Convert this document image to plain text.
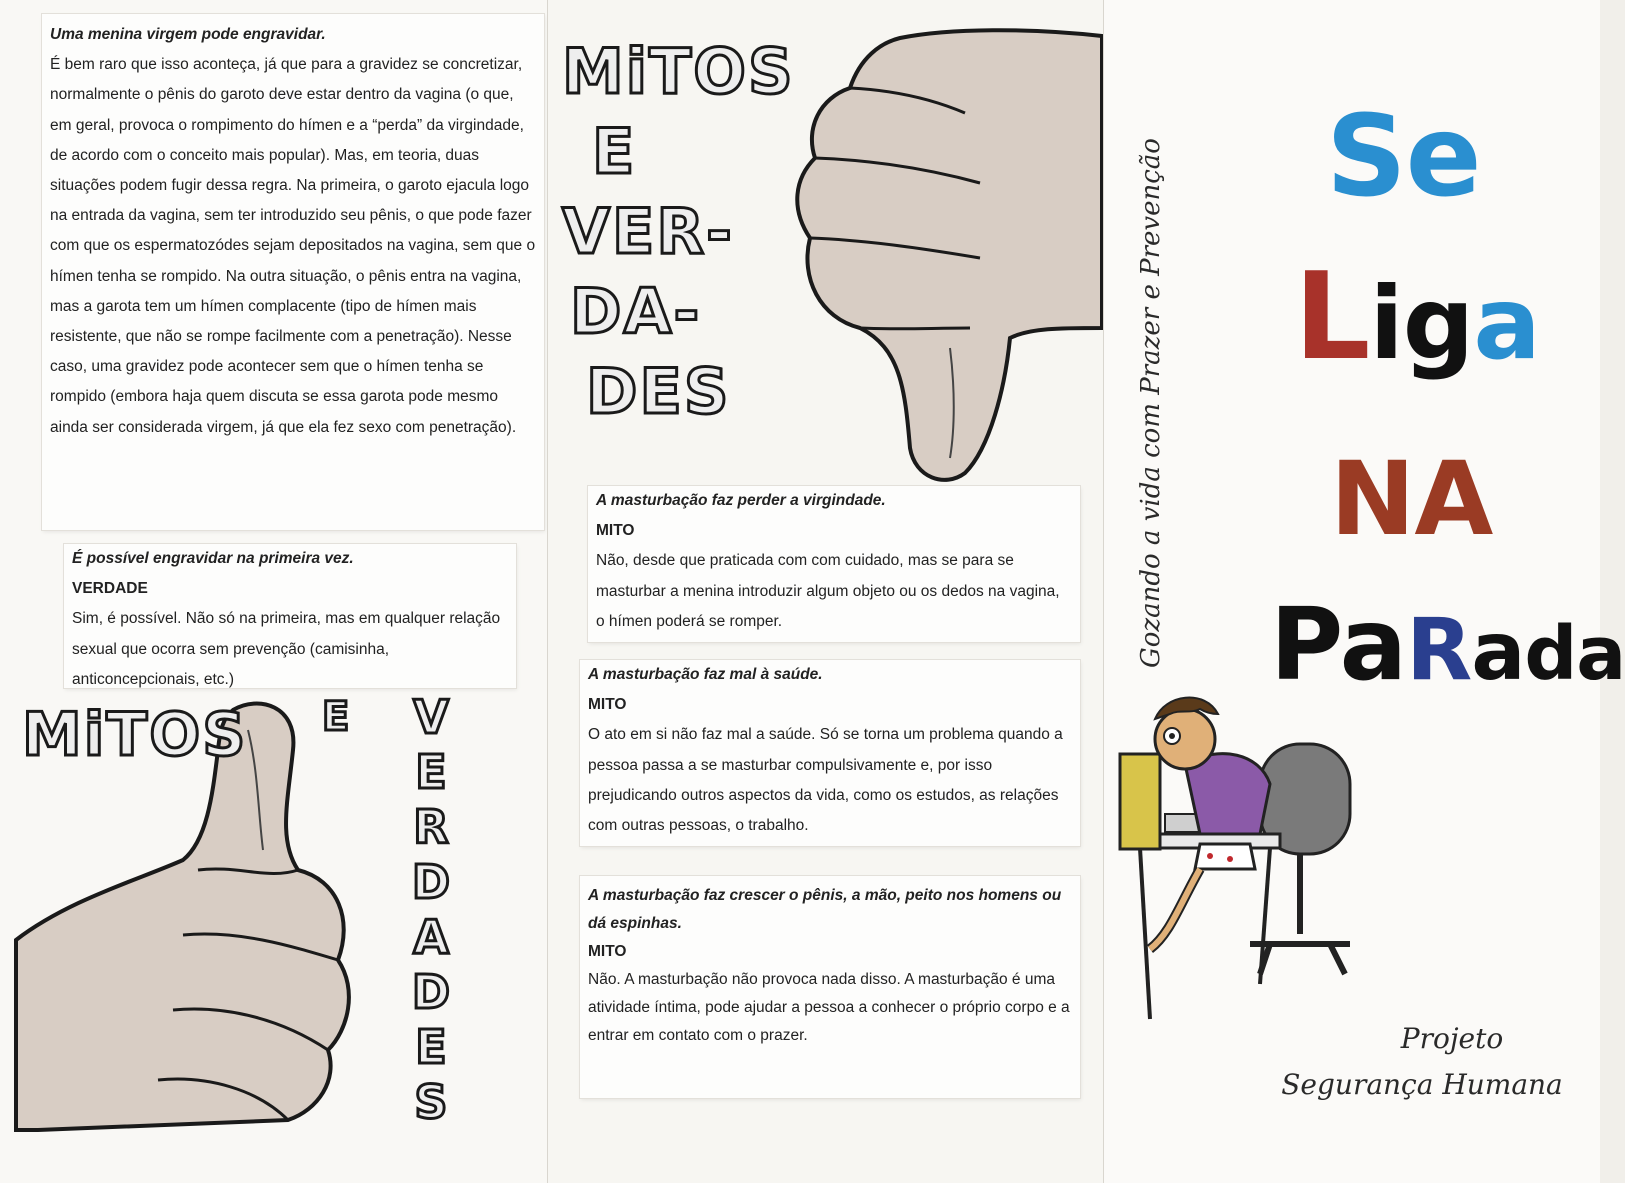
Uma menina virgem pode engravidar.

É bem raro que isso aconteça, já que para a gravidez se concretizar, normalmente o pênis do garoto deve estar dentro da vagina (o que, em geral, provoca o rompimento do hímen e a “perda” da virgindade, de acordo com o conceito mais popular). Mas, em teoria, duas situações podem fugir dessa regra. Na primeira, o garoto ejacula logo na entrada da vagina, sem ter introduzido seu pênis, o que pode fazer com que os espermatozódes sejam depositados na vagina, sem que o hímen tenha se rompido. Na outra situação, o pênis entra na vagina, mas a garota tem um hímen complacente (tipo de hímen mais resistente, que não se rompe facilmente com a penetração). Nesse caso, uma gravidez pode acontecer sem que o hímen tenha se rompido (embora haja quem discuta se essa garota pode mesmo ainda ser considerada virgem, já que ela fez sexo com penetração).

É possível engravidar na primeira vez.

VERDADE

Sim, é possível. Não só na primeira, mas em qualquer relação sexual que ocorra sem prevenção (camisinha, anticoncepcionais, etc.)

MiTOS E V
E
R
D
A
D
E
S
MiTOS
E
VER-
DA-
DES

A masturbação faz perder a virgindade.

MITO

Não, desde que praticada com com cuidado, mas se para se masturbar a menina introduzir algum objeto ou os dedos na vagina, o hímen poderá se romper.

A masturbação faz mal à saúde.

MITO

O ato em si não faz mal a saúde. Só se torna um problema quando a pessoa passa a se masturbar compulsivamente e, por isso prejudicando outros aspectos da vida, como os estudos, as relações com outras pessoas, o trabalho.

A masturbação faz crescer o pênis, a mão, peito nos homens ou dá espinhas.

MITO

Não. A masturbação não provoca nada disso. A masturbação é uma atividade íntima, pode ajudar a pessoa a conhecer o próprio corpo e a entrar em contato com o prazer.

Gozando a vida com Prazer e Prevenção Se
Liga
NA
PaRada
Projeto
Segurança Humana
